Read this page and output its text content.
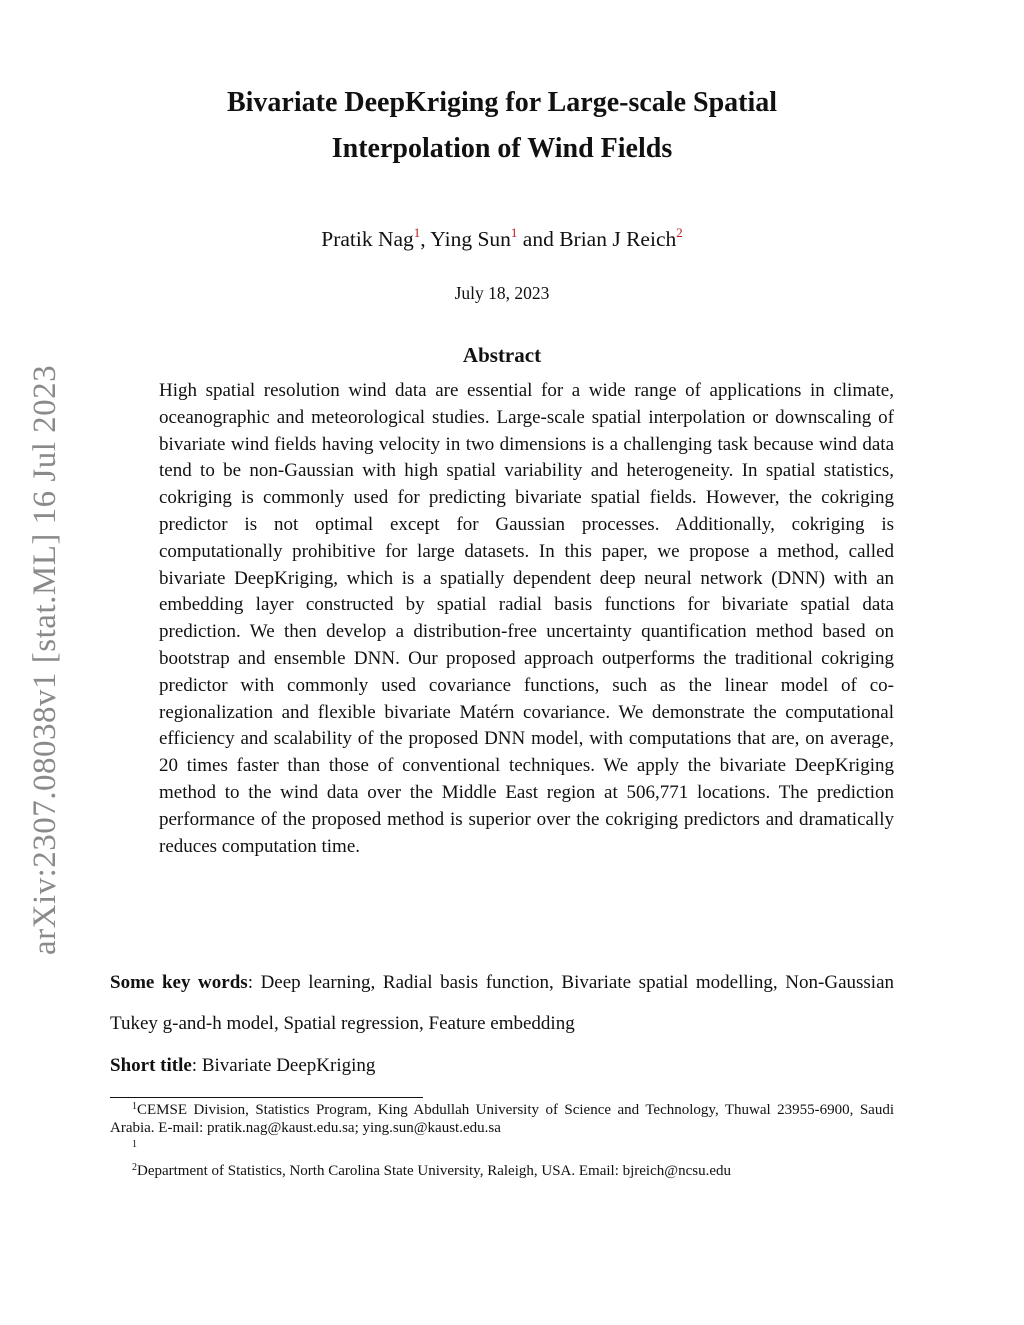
arXiv:2307.08038v1 [stat.ML] 16 Jul 2023
Bivariate DeepKriging for Large-scale Spatial
Interpolation of Wind Fields
Pratik Nag$^1$, Ying Sun$^1$ and Brian J Reich$^2$
July 18, 2023
Abstract

High spatial resolution wind data are essential for a wide range of applications in climate, oceanographic and meteorological studies. Large-scale spatial interpolation or downscaling of bivariate wind fields having velocity in two dimensions is a challenging task because wind data tend to be non-Gaussian with high spatial variability and heterogeneity. In spatial statistics, cokriging is commonly used for predicting bivariate spatial fields. However, the cokriging predictor is not optimal except for Gaussian processes. Additionally, cokriging is computationally prohibitive for large datasets. In this paper, we propose a method, called bivariate DeepKriging, which is a spatially dependent deep neural network (DNN) with an embedding layer constructed by spatial radial basis functions for bivariate spatial data prediction. We then develop a distribution-free uncertainty quantification method based on bootstrap and ensemble DNN. Our proposed approach outperforms the traditional cokriging predictor with commonly used covariance functions, such as the linear model of co-regionalization and flexible bivariate Matérn covariance. We demonstrate the computational efficiency and scalability of the proposed DNN model, with computations that are, on average, 20 times faster than those of conventional techniques. We apply the bivariate DeepKriging method to the wind data over the Middle East region at 506,771 locations. The prediction performance of the proposed method is superior over the cokriging predictors and dramatically reduces computation time.

Some key words: Deep learning, Radial basis function, Bivariate spatial modelling, Non-Gaussian Tukey g-and-h model, Spatial regression, Feature embedding

Short title: Bivariate DeepKriging

$^1$CEMSE Division, Statistics Program, King Abdullah University of Science and Technology, Thuwal 23955-6900, Saudi Arabia. E-mail: pratik.nag@kaust.edu.sa; ying.sun@kaust.edu.sa

1

$^2$Department of Statistics, North Carolina State University, Raleigh, USA. Email: bjreich@ncsu.edu
